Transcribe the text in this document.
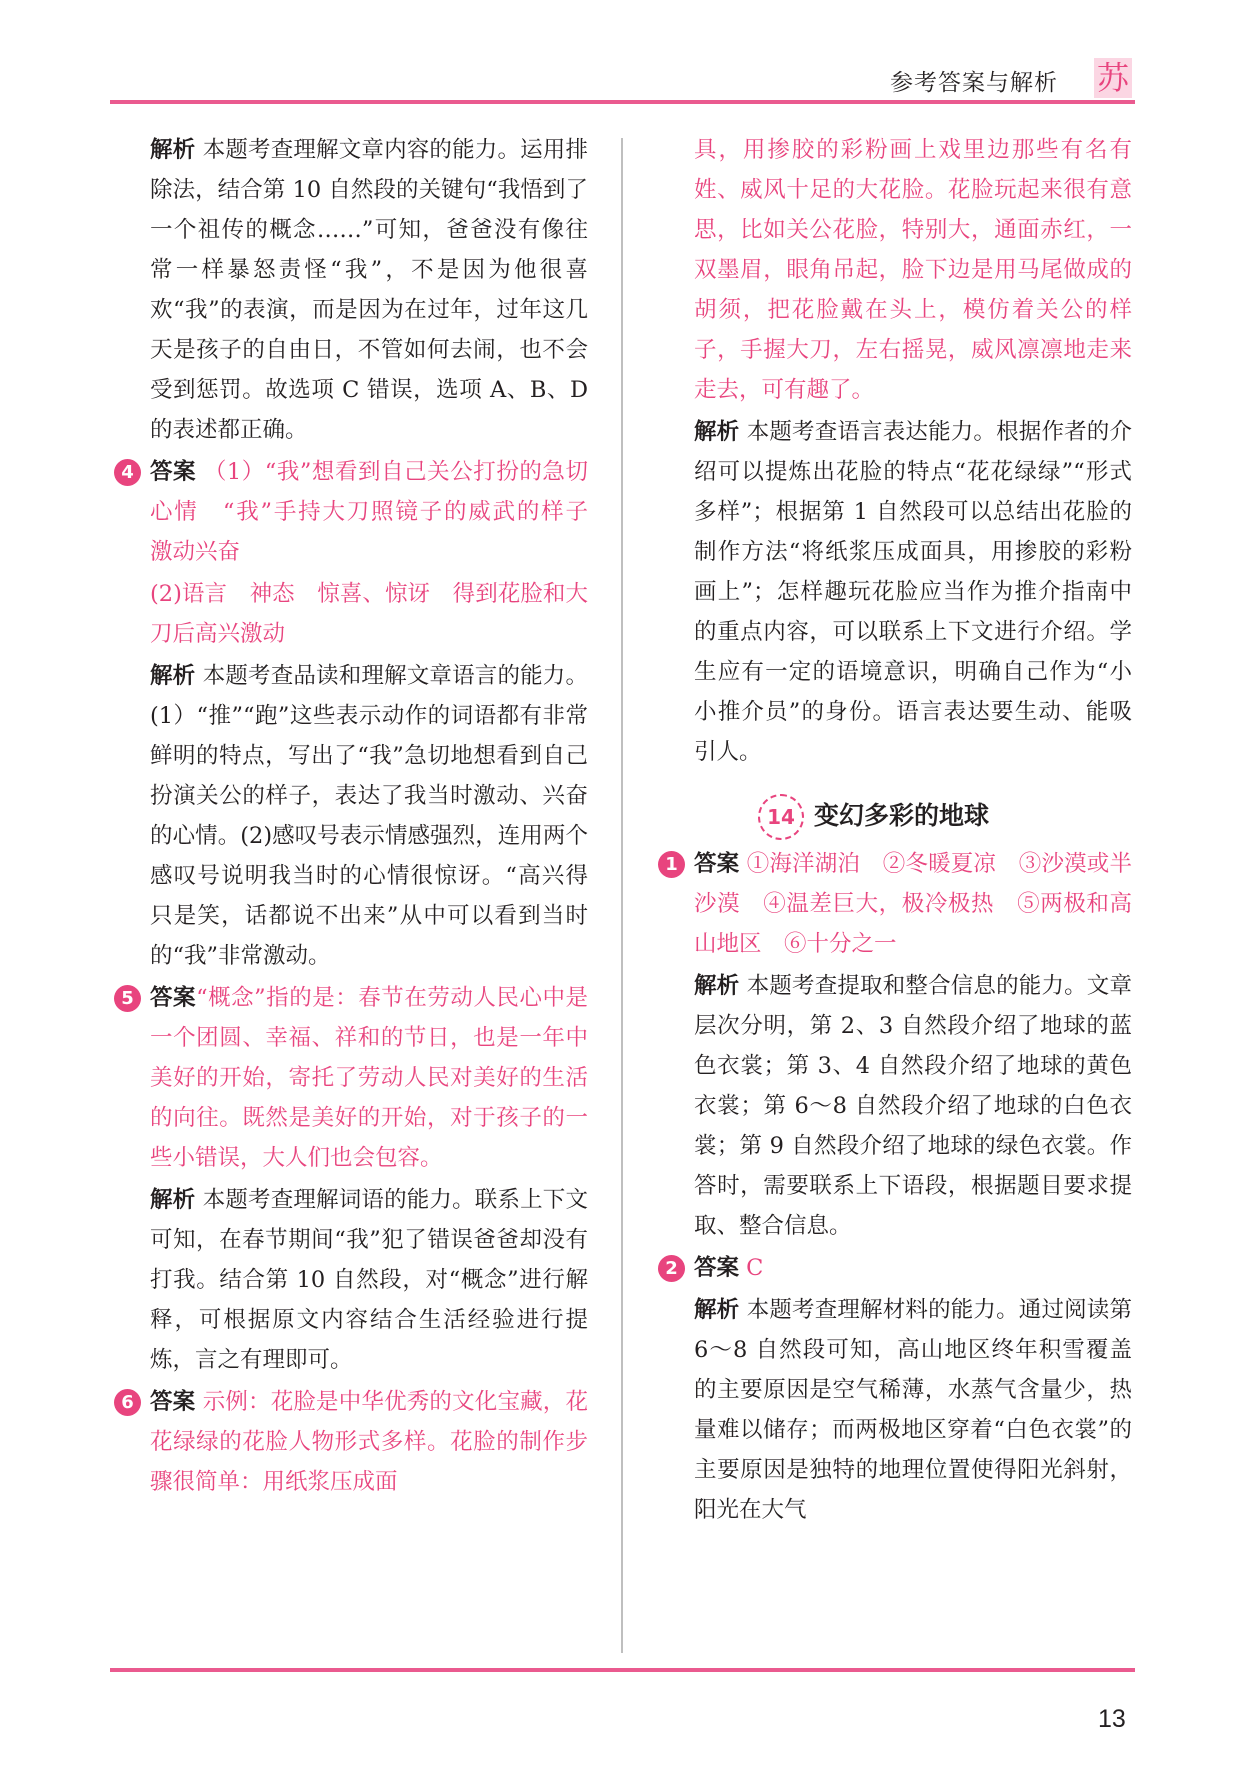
参考答案与解析 苏

解析 本题考查理解文章内容的能力。运用排除法，结合第 10 自然段的关键句“我悟到了一个祖传的概念……”可知，爸爸没有像往常一样暴怒责怪“我”，不是因为他很喜欢“我”的表演，而是因为在过年，过年这几天是孩子的自由日，不管如何去闹，也不会受到惩罚。故选项 C 错误，选项 A、B、D 的表述都正确。

4 答案 （1）“我”想看到自己关公打扮的急切心情　“我”手持大刀照镜子的威武的样子　激动兴奋

(2)语言　神态　惊喜、惊讶　得到花脸和大刀后高兴激动

解析 本题考查品读和理解文章语言的能力。(1）“推”“跑”这些表示动作的词语都有非常鲜明的特点，写出了“我”急切地想看到自己扮演关公的样子，表达了我当时激动、兴奋的心情。(2)感叹号表示情感强烈，连用两个感叹号说明我当时的心情很惊讶。“高兴得只是笑，话都说不出来”从中可以看到当时的“我”非常激动。

5 答案“概念”指的是：春节在劳动人民心中是一个团圆、幸福、祥和的节日，也是一年中美好的开始，寄托了劳动人民对美好的生活的向往。既然是美好的开始，对于孩子的一些小错误，大人们也会包容。

解析 本题考查理解词语的能力。联系上下文可知，在春节期间“我”犯了错误爸爸却没有打我。结合第 10 自然段，对“概念”进行解释，可根据原文内容结合生活经验进行提炼，言之有理即可。

6 答案 示例：花脸是中华优秀的文化宝藏，花花绿绿的花脸人物形式多样。花脸的制作步骤很简单：用纸浆压成面

具，用掺胶的彩粉画上戏里边那些有名有姓、威风十足的大花脸。花脸玩起来很有意思，比如关公花脸，特别大，通面赤红，一双墨眉，眼角吊起，脸下边是用马尾做成的胡须，把花脸戴在头上，模仿着关公的样子，手握大刀，左右摇晃，威风凛凛地走来走去，可有趣了。

解析 本题考查语言表达能力。根据作者的介绍可以提炼出花脸的特点“花花绿绿”“形式多样”；根据第 1 自然段可以总结出花脸的制作方法“将纸浆压成面具，用掺胶的彩粉画上”；怎样趣玩花脸应当作为推介指南中的重点内容，可以联系上下文进行介绍。学生应有一定的语境意识，明确自己作为“小小推介员”的身份。语言表达要生动、能吸引人。

14 变幻多彩的地球
1 答案 ①海洋湖泊　②冬暖夏凉　③沙漠或半沙漠　④温差巨大，极冷极热　⑤两极和高山地区　⑥十分之一

解析 本题考查提取和整合信息的能力。文章层次分明，第 2、3 自然段介绍了地球的蓝色衣裳；第 3、4 自然段介绍了地球的黄色衣裳；第 6～8 自然段介绍了地球的白色衣裳；第 9 自然段介绍了地球的绿色衣裳。作答时，需要联系上下语段，根据题目要求提取、整合信息。

2 答案 C

解析 本题考查理解材料的能力。通过阅读第 6～8 自然段可知，高山地区终年积雪覆盖的主要原因是空气稀薄，水蒸气含量少，热量难以储存；而两极地区穿着“白色衣裳”的主要原因是独特的地理位置使得阳光斜射，阳光在大气

13
